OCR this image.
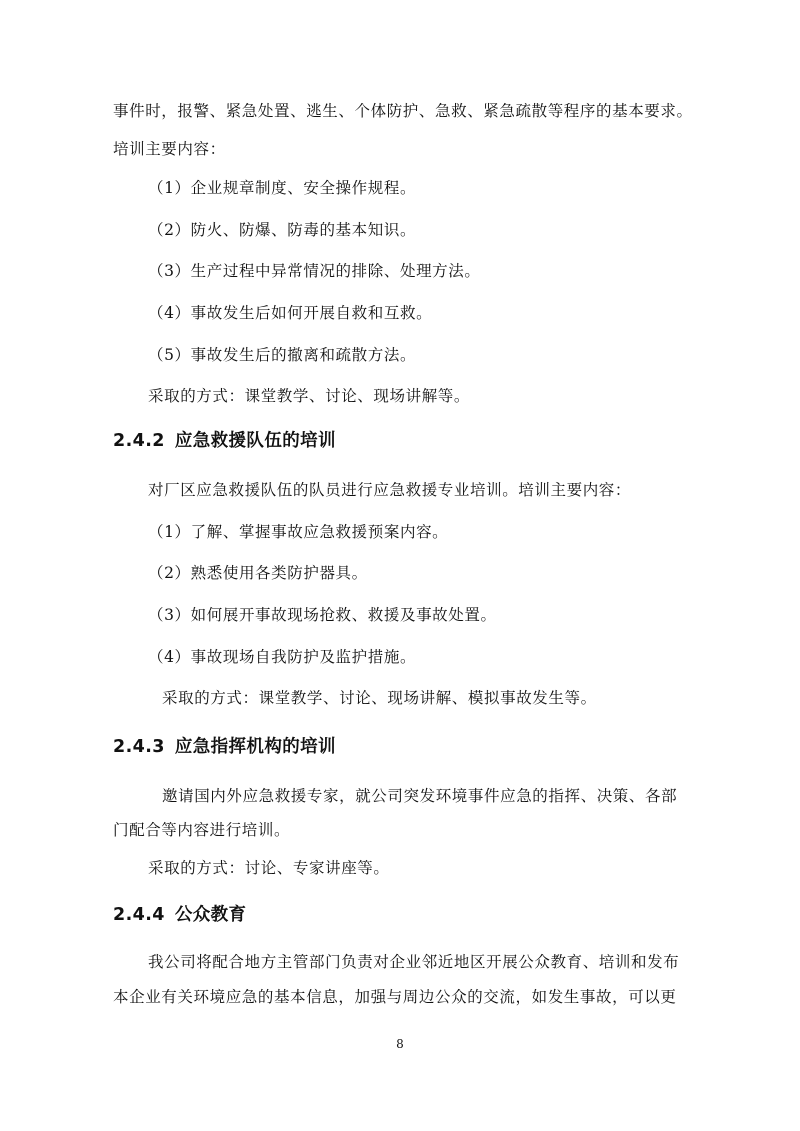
事件时，报警、紧急处置、逃生、个体防护、急救、紧急疏散等程序的基本要求。
培训主要内容：
（1）企业规章制度、安全操作规程。
（2）防火、防爆、防毒的基本知识。
（3）生产过程中异常情况的排除、处理方法。
（4）事故发生后如何开展自救和互救。
（5）事故发生后的撤离和疏散方法。
采取的方式：课堂教学、讨论、现场讲解等。
2.4.2 应急救援队伍的培训
对厂区应急救援队伍的队员进行应急救援专业培训。培训主要内容：
（1）了解、掌握事故应急救援预案内容。
（2）熟悉使用各类防护器具。
（3）如何展开事故现场抢救、救援及事故处置。
（4）事故现场自我防护及监护措施。
采取的方式：课堂教学、讨论、现场讲解、模拟事故发生等。
2.4.3 应急指挥机构的培训
邀请国内外应急救援专家，就公司突发环境事件应急的指挥、决策、各部
门配合等内容进行培训。
采取的方式：讨论、专家讲座等。
2.4.4 公众教育
我公司将配合地方主管部门负责对企业邻近地区开展公众教育、培训和发布
本企业有关环境应急的基本信息，加强与周边公众的交流，如发生事故，可以更
8
